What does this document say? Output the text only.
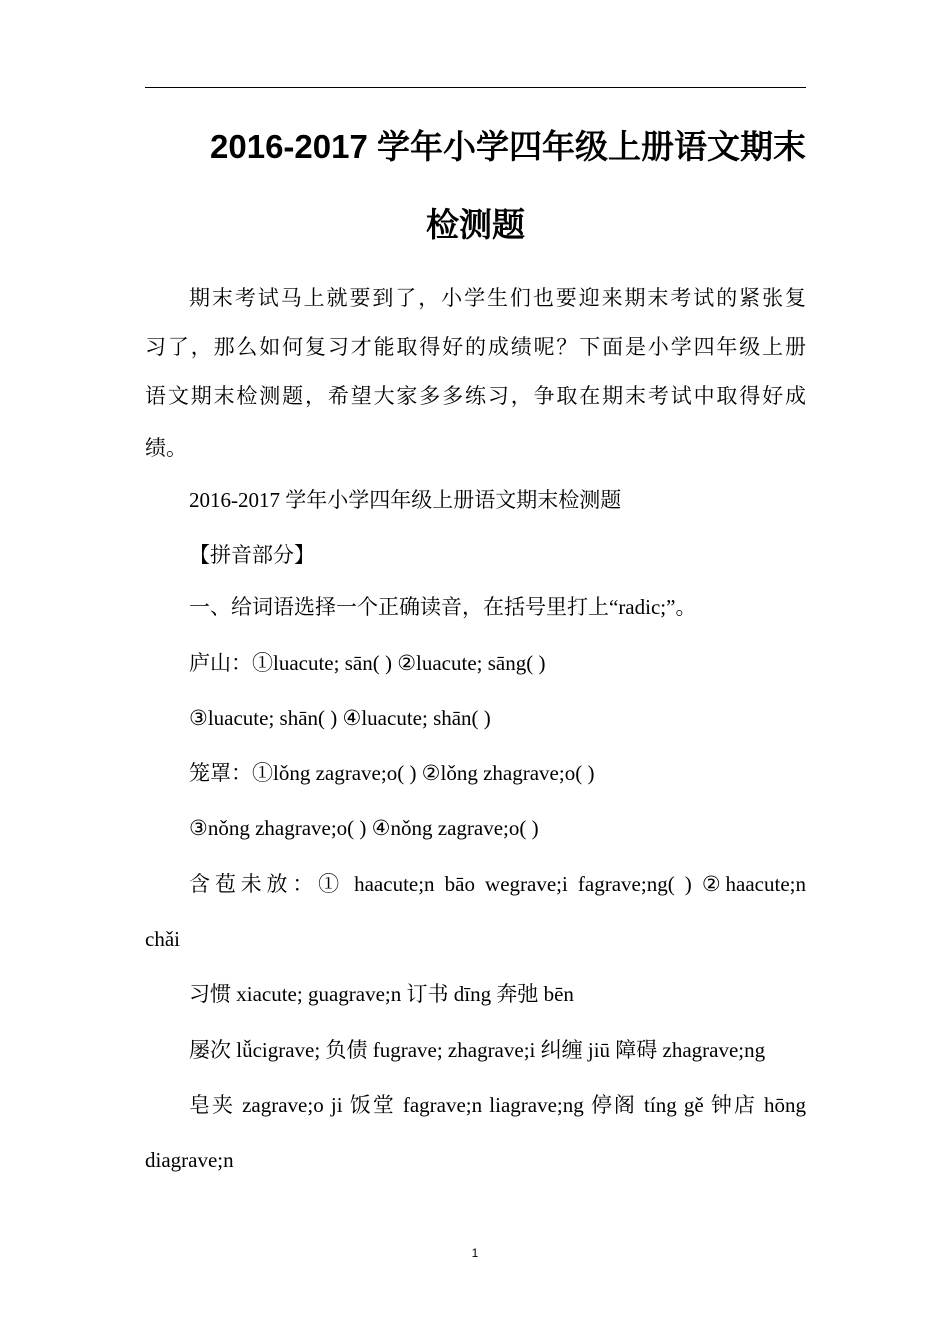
2016-2017 学年小学四年级上册语文期末
检测题
期末考试马上就要到了，小学生们也要迎来期末考试的紧张复
习了，那么如何复习才能取得好的成绩呢？下面是小学四年级上册
语文期末检测题，希望大家多多练习，争取在期末考试中取得好成
绩。
2016-2017 学年小学四年级上册语文期末检测题
【拼音部分】
一、给词语选择一个正确读音，在括号里打上“radic;”。
庐山：①luacute; sān( ) ②luacute; sāng( )
③luacute; shān( ) ④luacute; shān( )
笼罩：①lǒng zagrave;o( ) ②lǒng zhagrave;o( )
③nǒng zhagrave;o( ) ④nǒng zagrave;o( )
含苞未放：① haacute;n bāo wegrave;i fagrave;ng( ) ②haacute;n
chǎi
习惯 xiacute; guagrave;n 订书 dīng 奔弛 bēn
屡次 lǚcigrave; 负债 fugrave; zhagrave;i 纠缠 jiū 障碍 zhagrave;ng
皂夹 zagrave;o ji 饭堂 fagrave;n liagrave;ng 停阁 tíng gě 钟店 hōng
diagrave;n
1
